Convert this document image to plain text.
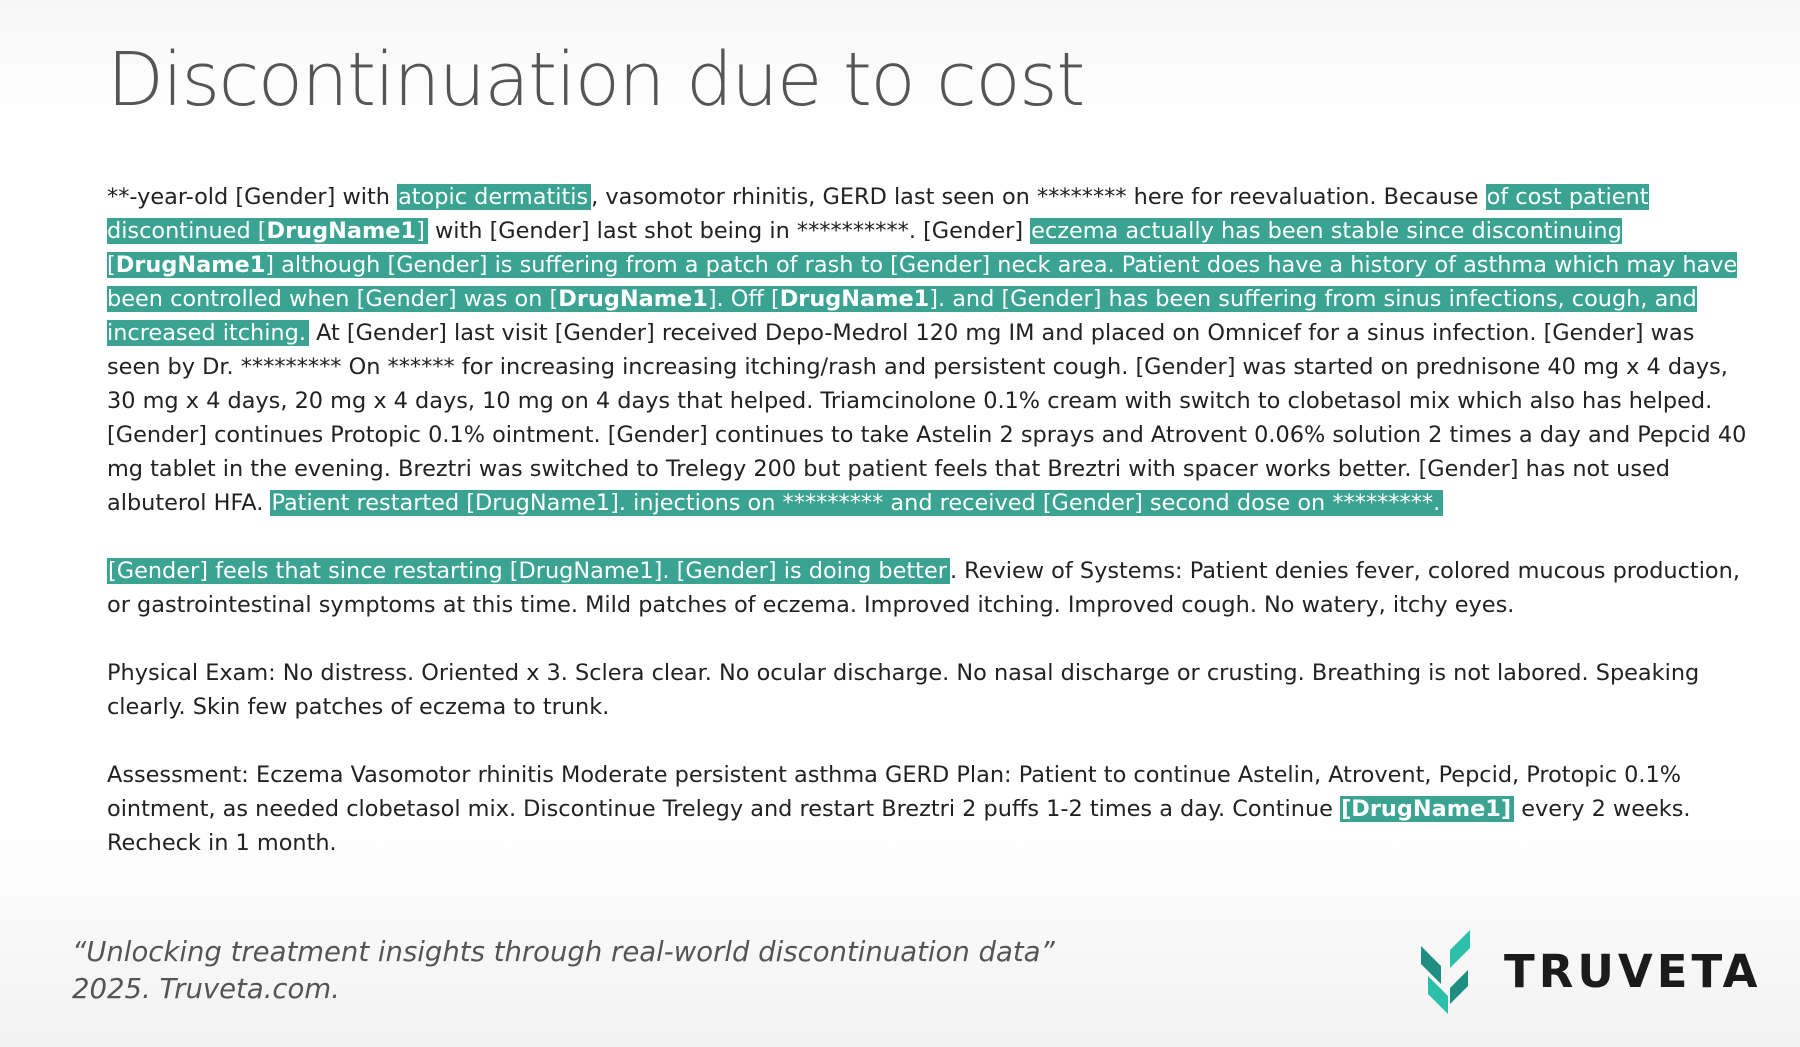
Discontinuation due to cost

**-year-old [Gender] with atopic dermatitis , vasomotor rhinitis, GERD last seen on ******** here for reevaluation. Because of cost patient discontinued [DrugName1] with [Gender] last shot being in **********. [Gender] eczema actually has been stable since discontinuing [DrugName1] although [Gender] is suffering from a patch of rash to [Gender] neck area. Patient does have a history of asthma which may have been controlled when [Gender] was on [DrugName1]. Off [DrugName1]. and [Gender] has been suffering from sinus infections, cough, and increased itching. At [Gender] last visit [Gender] received Depo-Medrol 120 mg IM and placed on Omnicef for a sinus infection. [Gender] was seen by Dr. ********* On ****** for increasing increasing itching/rash and persistent cough. [Gender] was started on prednisone 40 mg x 4 days, 30 mg x 4 days, 20 mg x 4 days, 10 mg on 4 days that helped. Triamcinolone 0.1% cream with switch to clobetasol mix which also has helped. [Gender] continues Protopic 0.1% ointment. [Gender] continues to take Astelin 2 sprays and Atrovent 0.06% solution 2 times a day and Pepcid 40 mg tablet in the evening. Breztri was switched to Trelegy 200 but patient feels that Breztri with spacer works better. [Gender] has not used albuterol HFA. Patient restarted [DrugName1]. injections on ********* and received [Gender] second dose on *********.

[Gender] feels that since restarting [DrugName1]. [Gender] is doing better . Review of Systems: Patient denies fever, colored mucous production, or gastrointestinal symptoms at this time. Mild patches of eczema. Improved itching. Improved cough. No watery, itchy eyes.

Physical Exam: No distress. Oriented x 3. Sclera clear. No ocular discharge. No nasal discharge or crusting. Breathing is not labored. Speaking clearly. Skin few patches of eczema to trunk.

Assessment: Eczema Vasomotor rhinitis Moderate persistent asthma GERD Plan: Patient to continue Astelin, Atrovent, Pepcid, Protopic 0.1% ointment, as needed clobetasol mix. Discontinue Trelegy and restart Breztri 2 puffs 1-2 times a day. Continue [DrugName1] every 2 weeks. Recheck in 1 month.

“Unlocking treatment insights through real-world discontinuation data”
2025. Truveta.com.	TRUVETA
